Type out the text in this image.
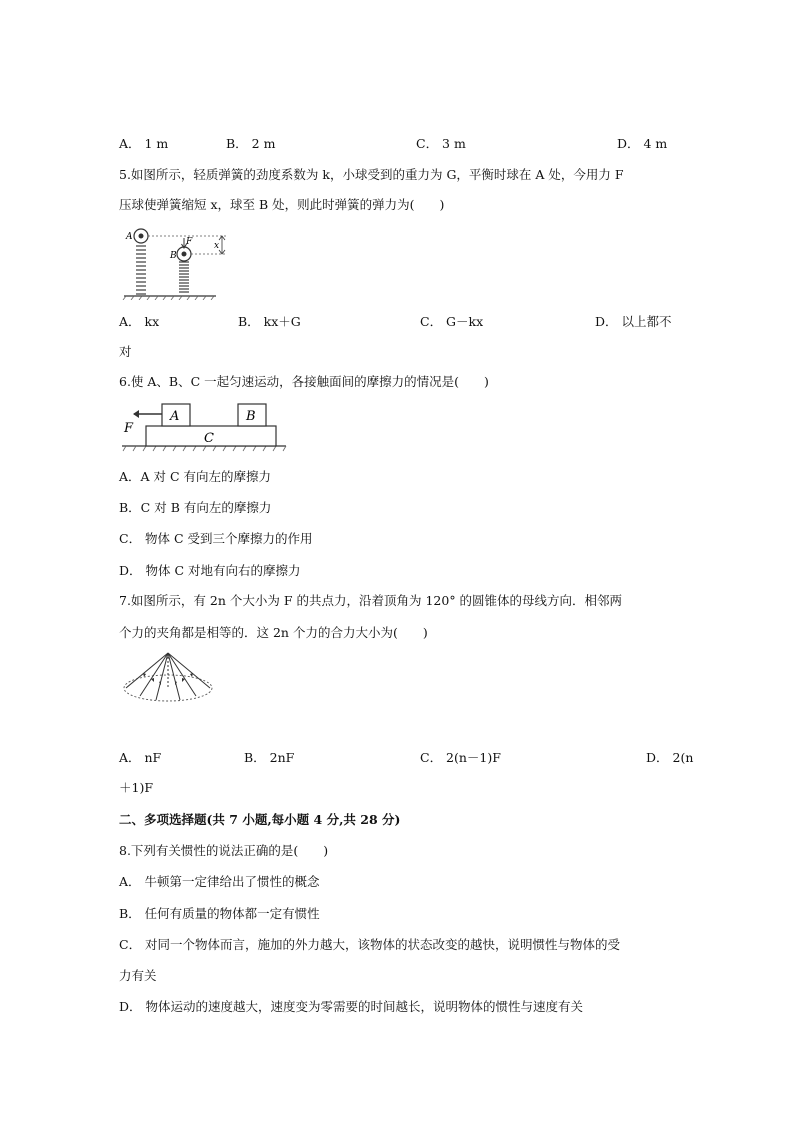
A． 1 m	B． 2 m	C． 3 m	D． 4 m
5.如图所示，轻质弹簧的劲度系数为 k，小球受到的重力为 G，平衡时球在 A 处，今用力 F
压球使弹簧缩短 x，球至 B 处，则此时弹簧的弹力为(　　)
A
B
F x
A． kx	B． kx＋G	C． G－kx	D． 以上都不
对
6.使 A、B、C 一起匀速运动，各接触面间的摩擦力的情况是(　　)
A	B
C
F
A．A 对 C 有向左的摩擦力
B．C 对 B 有向左的摩擦力
C． 物体 C 受到三个摩擦力的作用
D． 物体 C 对地有向右的摩擦力
7.如图所示，有 2n 个大小为 F 的共点力，沿着顶角为 120° 的圆锥体的母线方向．相邻两
个力的夹角都是相等的．这 2n 个力的合力大小为(　　)
A． nF	B． 2nF	C． 2(n－1)F	D． 2(n
＋1)F
二、多项选择题(共 7 小题,每小题 4 分,共 28 分)
8.下列有关惯性的说法正确的是(　　)
A． 牛顿第一定律给出了惯性的概念
B． 任何有质量的物体都一定有惯性
C． 对同一个物体而言，施加的外力越大，该物体的状态改变的越快，说明惯性与物体的受
力有关
D． 物体运动的速度越大，速度变为零需要的时间越长，说明物体的惯性与速度有关
